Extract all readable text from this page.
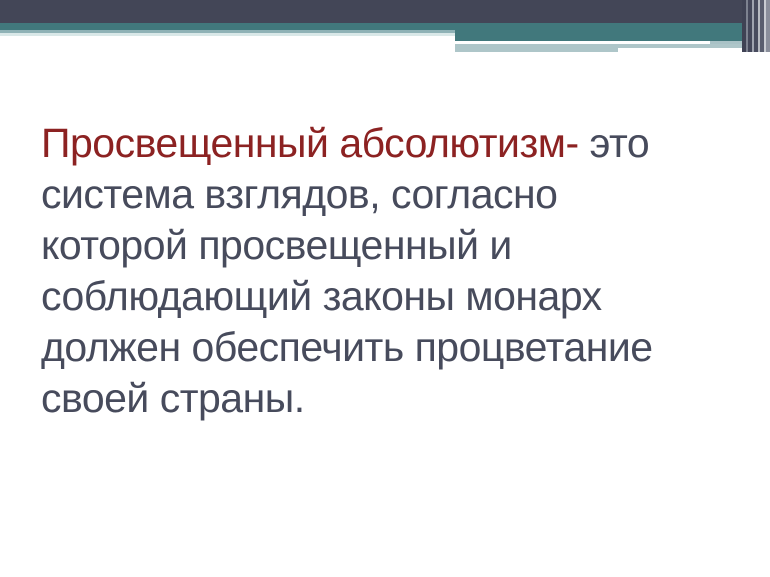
Просвещенный абсолютизм- это
система взглядов, согласно
которой просвещенный и
соблюдающий законы монарх
должен обеспечить процветание
своей страны.
